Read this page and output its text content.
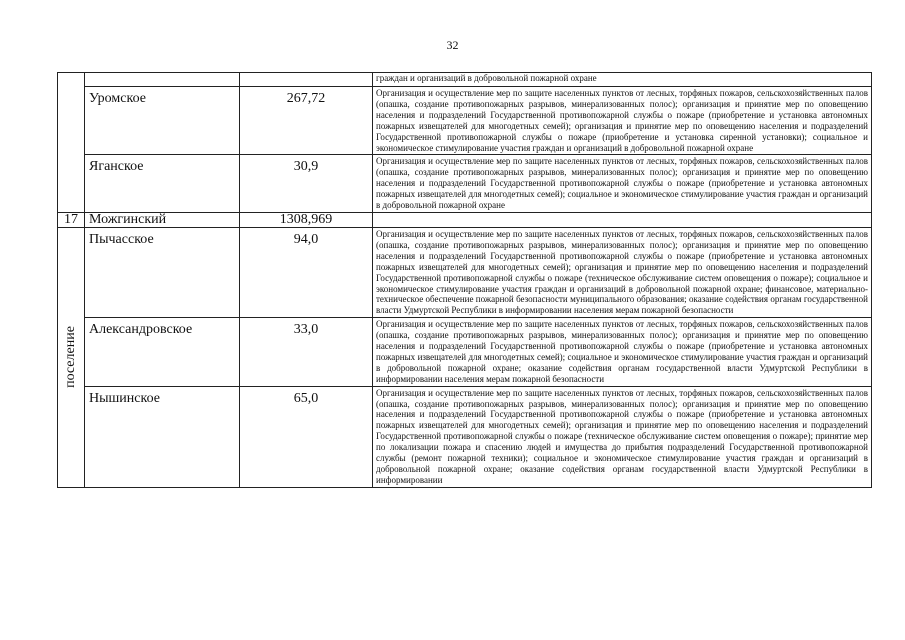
32
			граждан и организаций в добровольной пожарной охране
	Уромское	267,72	Организация и осуществление мер по защите населенных пунктов от лесных, торфяных пожаров, сельскохозяйственных палов (опашка, создание противопожарных разрывов, минерализованных полос); организация и принятие мер по оповещению населения и подразделений Государственной противопожарной службы о пожаре (приобретение и установка автономных пожарных извещателей для многодетных семей); организация и принятие мер по оповещению населения и подразделений Государственной противопожарной службы о пожаре (приобретение и установка сиренной установки); социальное и экономическое стимулирование участия граждан и организаций в добровольной пожарной охране
	Яганское	30,9	Организация и осуществление мер по защите населенных пунктов от лесных, торфяных пожаров, сельскохозяйственных палов (опашка, создание противопожарных разрывов, минерализованных полос); организация и принятие мер по оповещению населения и подразделений Государственной противопожарной службы о пожаре (приобретение и установка автономных пожарных извещателей для многодетных семей); социальное и экономическое стимулирование участия граждан и организаций в добровольной пожарной охране
17	Можгинский	1308,969	

поселение	Пычасское	94,0	Организация и осуществление мер по защите населенных пунктов от лесных, торфяных пожаров, сельскохозяйственных палов (опашка, создание противопожарных разрывов, минерализованных полос); организация и принятие мер по оповещению населения и подразделений Государственной противопожарной службы о пожаре (приобретение и установка автономных пожарных извещателей для многодетных семей); организация и принятие мер по оповещению населения и подразделений Государственной противопожарной службы о пожаре (техническое обслуживание систем оповещения о пожаре); социальное и экономическое стимулирование участия граждан и организаций в добровольной пожарной охране; финансовое, материально-техническое обеспечение пожарной безопасности муниципального образования; оказание содействия органам государственной власти Удмуртской Республики в информировании населения мерам пожарной безопасности
	Александровское	33,0	Организация и осуществление мер по защите населенных пунктов от лесных, торфяных пожаров, сельскохозяйственных палов (опашка, создание противопожарных разрывов, минерализованных полос); организация и принятие мер по оповещению населения и подразделений Государственной противопожарной службы о пожаре (приобретение и установка автономных пожарных извещателей для многодетных семей); социальное и экономическое стимулирование участия граждан и организаций в добровольной пожарной охране; оказание содействия органам государственной власти Удмуртской Республики в информировании населения мерам пожарной безопасности
	Нышинское	65,0	Организация и осуществление мер по защите населенных пунктов от лесных, торфяных пожаров, сельскохозяйственных палов (опашка, создание противопожарных разрывов, минерализованных полос); организация и принятие мер по оповещению населения и подразделений Государственной противопожарной службы о пожаре (приобретение и установка автономных пожарных извещателей для многодетных семей); организация и принятие мер по оповещению населения и подразделений Государственной противопожарной службы о пожаре (техническое обслуживание систем оповещения о пожаре); принятие мер по локализации пожара и спасению людей и имущества до прибытия подразделений Государственной противопожарной службы (ремонт пожарной техники); социальное и экономическое стимулирование участия граждан и организаций в добровольной пожарной охране; оказание содействия органам государственной власти Удмуртской Республики в информировании
